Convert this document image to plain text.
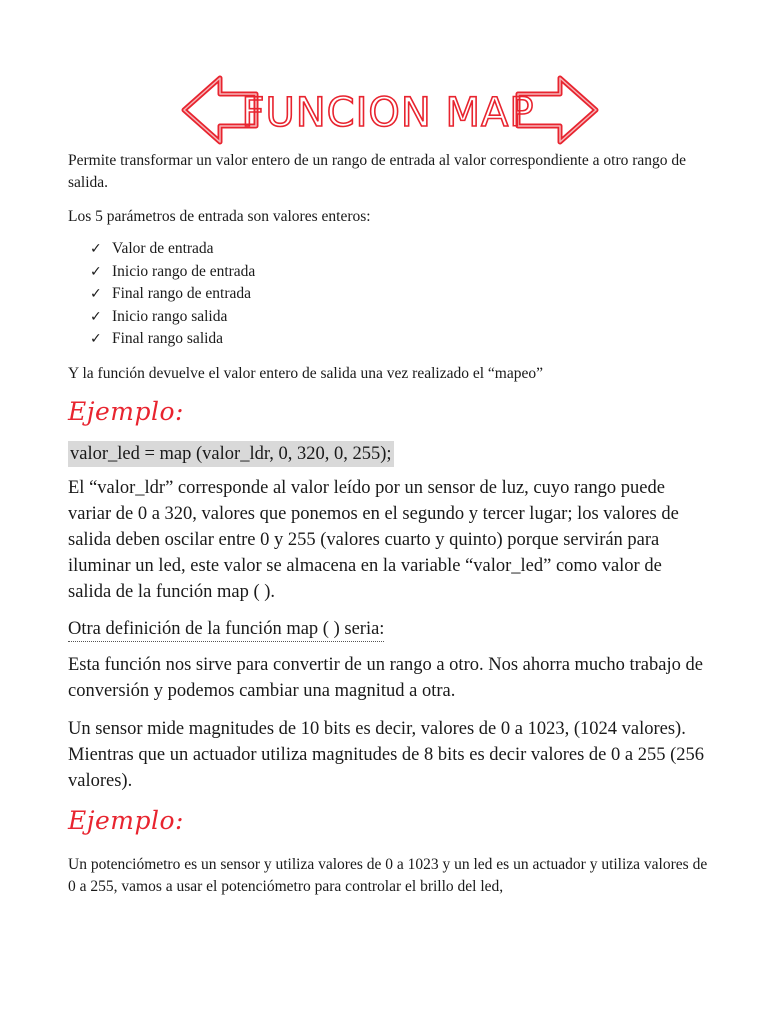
FUNCION MAP

Permite transformar un valor entero de un rango de entrada al valor correspondiente a otro rango de salida.

Los 5 parámetros de entrada son valores enteros:

✓ Valor de entrada
✓ Inicio rango de entrada
✓ Final rango de entrada
✓ Inicio rango salida
✓ Final rango salida

Y la función devuelve el valor entero de salida una vez realizado el “mapeo”

Ejemplo:
valor_led = map (valor_ldr, 0, 320, 0, 255);

El “valor_ldr” corresponde al valor leído por un sensor de luz, cuyo rango puede variar de 0 a 320, valores que ponemos en el segundo y tercer lugar; los valores de salida deben oscilar entre 0 y 255 (valores cuarto y quinto) porque servirán para iluminar un led, este valor se almacena en la variable “valor_led” como valor de salida de la función map ( ).

Otra definición de la función map ( ) seria:

Esta función nos sirve para convertir de un rango a otro. Nos ahorra mucho trabajo de conversión y podemos cambiar una magnitud a otra.

Un sensor mide magnitudes de 10 bits es decir, valores de 0 a 1023, (1024 valores). Mientras que un actuador utiliza magnitudes de 8 bits es decir valores de 0 a 255 (256 valores).

Ejemplo:

Un potenciómetro es un sensor y utiliza valores de 0 a 1023 y un led es un actuador y utiliza valores de 0 a 255, vamos a usar el potenciómetro para controlar el brillo del led,
